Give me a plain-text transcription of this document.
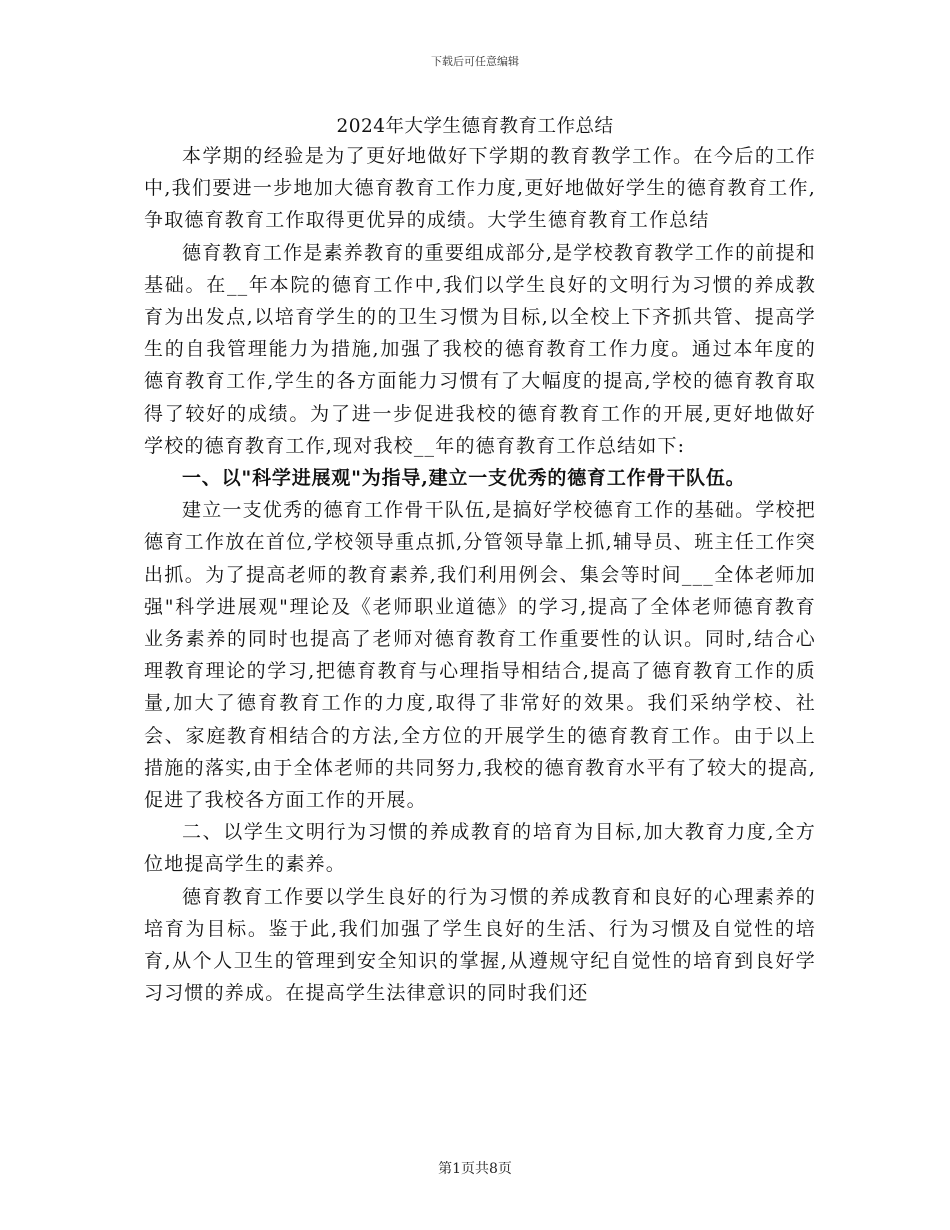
下载后可任意编辑
2024年大学生德育教育工作总结

本学期的经验是为了更好地做好下学期的教育教学工作。在今后的工作中,我们要进一步地加大德育教育工作力度,更好地做好学生的德育教育工作,争取德育教育工作取得更优异的成绩。大学生德育教育工作总结

德育教育工作是素养教育的重要组成部分,是学校教育教学工作的前提和基础。在__年本院的德育工作中,我们以学生良好的文明行为习惯的养成教育为出发点,以培育学生的的卫生习惯为目标,以全校上下齐抓共管、提高学生的自我管理能力为措施,加强了我校的德育教育工作力度。通过本年度的德育教育工作,学生的各方面能力习惯有了大幅度的提高,学校的德育教育取得了较好的成绩。为了进一步促进我校的德育教育工作的开展,更好地做好学校的德育教育工作,现对我校__年的德育教育工作总结如下:

一、以"科学进展观"为指导,建立一支优秀的德育工作骨干队伍。

建立一支优秀的德育工作骨干队伍,是搞好学校德育工作的基础。学校把德育工作放在首位,学校领导重点抓,分管领导靠上抓,辅导员、班主任工作突出抓。为了提高老师的教育素养,我们利用例会、集会等时间___全体老师加强"科学进展观"理论及《老师职业道德》的学习,提高了全体老师德育教育业务素养的同时也提高了老师对德育教育工作重要性的认识。同时,结合心理教育理论的学习,把德育教育与心理指导相结合,提高了德育教育工作的质量,加大了德育教育工作的力度,取得了非常好的效果。我们采纳学校、社会、家庭教育相结合的方法,全方位的开展学生的德育教育工作。由于以上措施的落实,由于全体老师的共同努力,我校的德育教育水平有了较大的提高,促进了我校各方面工作的开展。

二、以学生文明行为习惯的养成教育的培育为目标,加大教育力度,全方位地提高学生的素养。

德育教育工作要以学生良好的行为习惯的养成教育和良好的心理素养的培育为目标。鉴于此,我们加强了学生良好的生活、行为习惯及自觉性的培育,从个人卫生的管理到安全知识的掌握,从遵规守纪自觉性的培育到良好学习习惯的养成。在提高学生法律意识的同时我们还

第1页共8页
